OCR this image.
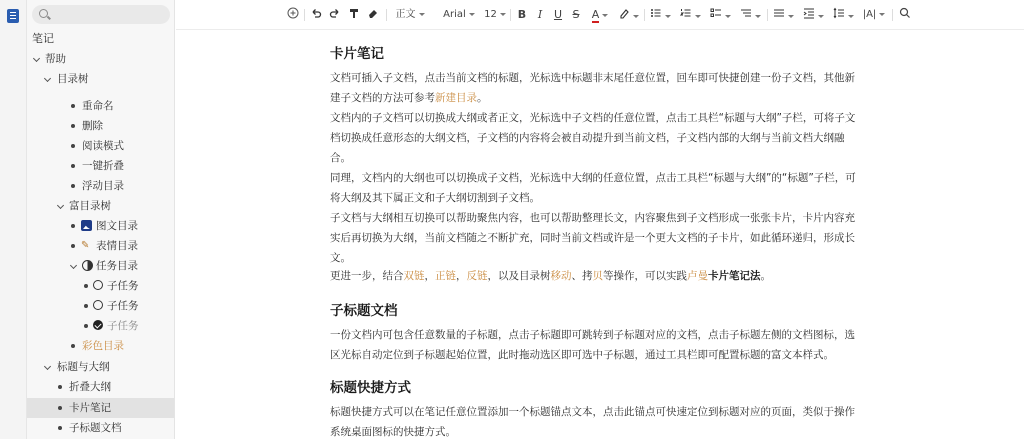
笔记
帮助
目录树
重命名
删除
阅读模式
一键折叠
浮动目录
富目录树
图文目录
✎ 表情目录
任务目录
子任务
子任务
子任务
彩色目录
标题与大纲
折叠大纲
卡片笔记
子标题文档
正文	Arial	12	B	I	U S	A	|A|
卡片笔记
文档可插入子文档，点击当前文档的标题，光标选中标题非末尾任意位置，回车即可快捷创建一份子文档，其他新
建子文档的方法可参考新建目录。
文档内的子文档可以切换成大纲或者正文，光标选中子文档的任意位置，点击工具栏“标题与大纲”子栏，可将子文
档切换成任意形态的大纲文档，子文档的内容将会被自动提升到当前文档，子文档内部的大纲与当前文档大纲融
合。
同理，文档内的大纲也可以切换成子文档，光标选中大纲的任意位置，点击工具栏“标题与大纲”的“标题”子栏，可
将大纲及其下属正文和子大纲切割到子文档。
子文档与大纲相互切换可以帮助聚焦内容，也可以帮助整理长文，内容聚焦到子文档形成一张张卡片，卡片内容充
实后再切换为大纲，当前文档随之不断扩充，同时当前文档或许是一个更大文档的子卡片，如此循环递归，形成长
文。
更进一步，结合双链，正链，反链，以及目录树移动、拷贝等操作，可以实践卢曼卡片笔记法。
子标题文档
一份文档内可包含任意数量的子标题，点击子标题即可跳转到子标题对应的文档，点击子标题左侧的文档图标，选
区光标自动定位到子标题起始位置，此时拖动选区即可选中子标题，通过工具栏即可配置标题的富文本样式。
标题快捷方式
标题快捷方式可以在笔记任意位置添加一个标题锚点文本，点击此锚点可快速定位到标题对应的页面，类似于操作
系统桌面图标的快捷方式。
